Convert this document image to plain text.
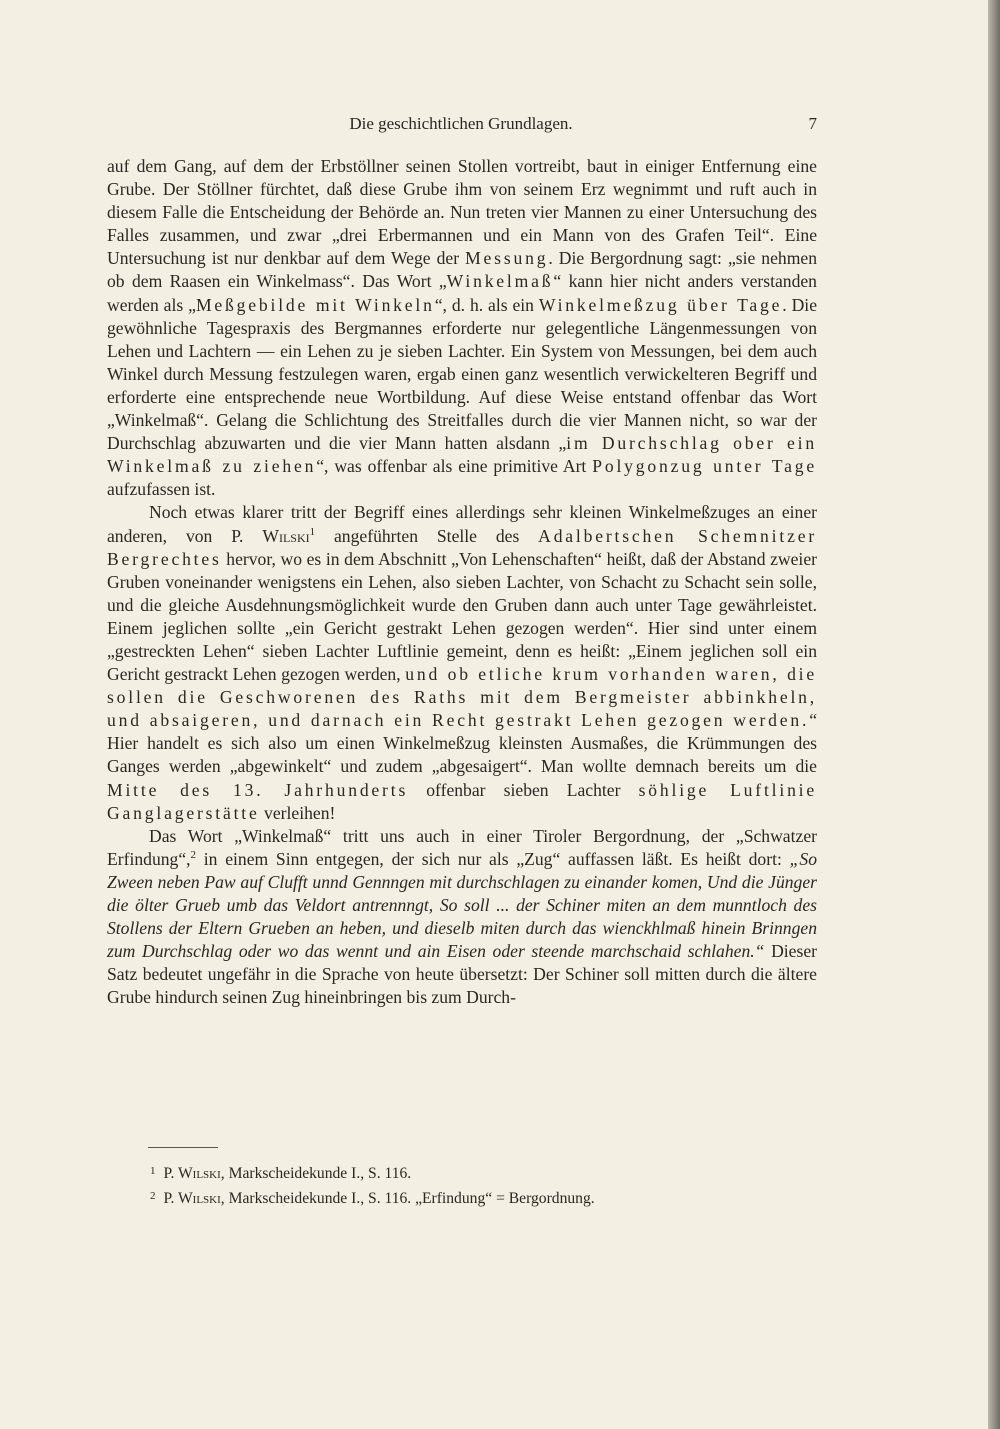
Die geschichtlichen Grundlagen.	7

auf dem Gang, auf dem der Erbstöllner seinen Stollen vortreibt, baut in einiger Entfernung eine Grube. Der Stöllner fürchtet, daß diese Grube ihm von seinem Erz wegnimmt und ruft auch in diesem Falle die Entscheidung der Behörde an. Nun treten vier Mannen zu einer Untersuchung des Falles zusammen, und zwar „drei Erbermannen und ein Mann von des Grafen Teil“. Eine Untersuchung ist nur denkbar auf dem Wege der Messung. Die Bergordnung sagt: „sie nehmen ob dem Raasen ein Winkelmass“. Das Wort „Winkelmaß“ kann hier nicht anders verstanden werden als „Meßgebilde mit Winkeln“, d. h. als ein Winkelmeßzug über Tage. Die gewöhnliche Tagespraxis des Bergmannes erforderte nur gelegentliche Längenmessungen von Lehen und Lachtern — ein Lehen zu je sieben Lachter. Ein System von Messungen, bei dem auch Winkel durch Messung festzulegen waren, ergab einen ganz wesentlich verwickelteren Begriff und erforderte eine entsprechende neue Wortbildung. Auf diese Weise entstand offenbar das Wort „Winkelmaß“. Gelang die Schlichtung des Streitfalles durch die vier Mannen nicht, so war der Durchschlag abzuwarten und die vier Mann hatten alsdann „im Durchschlag ober ein Winkelmaß zu ziehen“, was offenbar als eine primitive Art Polygonzug unter Tage aufzufassen ist.

Noch etwas klarer tritt der Begriff eines allerdings sehr kleinen Winkelmeßzuges an einer anderen, von P. Wilski$^1$ angeführten Stelle des Adalbertschen Schemnitzer Bergrechtes hervor, wo es in dem Abschnitt „Von Lehenschaften“ heißt, daß der Abstand zweier Gruben voneinander wenigstens ein Lehen, also sieben Lachter, von Schacht zu Schacht sein solle, und die gleiche Ausdehnungsmöglichkeit wurde den Gruben dann auch unter Tage gewährleistet. Einem jeglichen sollte „ein Gericht gestrakt Lehen gezogen werden“. Hier sind unter einem „gestreckten Lehen“ sieben Lachter Luftlinie gemeint, denn es heißt: „Einem jeglichen soll ein Gericht gestrackt Lehen gezogen werden, und ob etliche krum vorhanden waren, die sollen die Geschworenen des Raths mit dem Bergmeister abbinkheln, und absaigeren, und darnach ein Recht gestrakt Lehen gezogen werden.“ Hier handelt es sich also um einen Winkelmeßzug kleinsten Ausmaßes, die Krümmungen des Ganges werden „abgewinkelt“ und zudem „abgesaigert“. Man wollte demnach bereits um die Mitte des 13. Jahrhunderts offenbar sieben Lachter söhlige Luftlinie Ganglagerstätte verleihen!

Das Wort „Winkelmaß“ tritt uns auch in einer Tiroler Bergordnung, der „Schwatzer Erfindung“,$^2$ in einem Sinn entgegen, der sich nur als „Zug“ auffassen läßt. Es heißt dort: „So Zween neben Paw auf Clufft unnd Gennngen mit durchschlagen zu einander komen, Und die Jünger die ölter Grueb umb das Veldort antrennngt, So soll ... der Schiner miten an dem munntloch des Stollens der Eltern Grueben an heben, und dieselb miten durch das wienckhlmaß hinein Brinngen zum Durchschlag oder wo das wennt und ain Eisen oder steende marchschaid schlahen.“ Dieser Satz bedeutet ungefähr in die Sprache von heute übersetzt: Der Schiner soll mitten durch die ältere Grube hindurch seinen Zug hineinbringen bis zum Durch-

$^1$ P. Wilski, Markscheidekunde I., S. 116.

$^2$ P. Wilski, Markscheidekunde I., S. 116. „Erfindung“ = Bergordnung.
